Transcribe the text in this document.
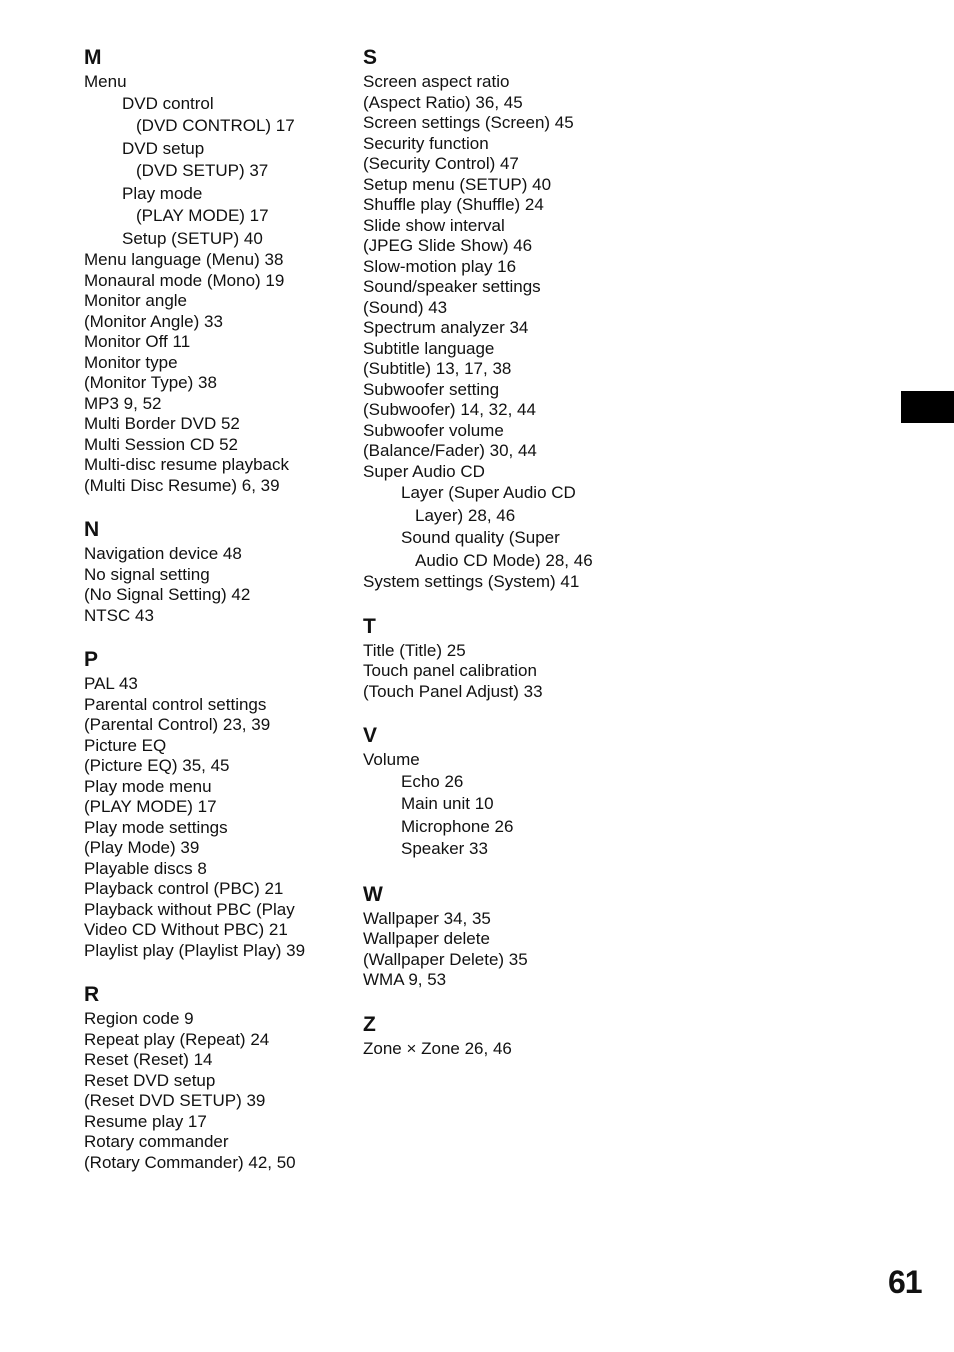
M
Menu
DVD control
(DVD CONTROL) 17
DVD setup
(DVD SETUP) 37
Play mode
(PLAY MODE) 17
Setup (SETUP) 40
Menu language (Menu) 38
Monaural mode (Mono) 19
Monitor angle
(Monitor Angle) 33
Monitor Off 11
Monitor type
(Monitor Type) 38
MP3 9, 52
Multi Border DVD 52
Multi Session CD 52
Multi-disc resume playback
(Multi Disc Resume) 6, 39
N
Navigation device 48
No signal setting
(No Signal Setting) 42
NTSC 43
P
PAL 43
Parental control settings
(Parental Control) 23, 39
Picture EQ
(Picture EQ) 35, 45
Play mode menu
(PLAY MODE) 17
Play mode settings
(Play Mode) 39
Playable discs 8
Playback control (PBC) 21
Playback without PBC (Play
Video CD Without PBC) 21
Playlist play (Playlist Play) 39
R
Region code 9
Repeat play (Repeat) 24
Reset (Reset) 14
Reset DVD setup
(Reset DVD SETUP) 39
Resume play 17
Rotary commander
(Rotary Commander) 42, 50
S
Screen aspect ratio
(Aspect Ratio) 36, 45
Screen settings (Screen) 45
Security function
(Security Control) 47
Setup menu (SETUP) 40
Shuffle play (Shuffle) 24
Slide show interval
(JPEG Slide Show) 46
Slow-motion play 16
Sound/speaker settings
(Sound) 43
Spectrum analyzer 34
Subtitle language
(Subtitle) 13, 17, 38
Subwoofer setting
(Subwoofer) 14, 32, 44
Subwoofer volume
(Balance/Fader) 30, 44
Super Audio CD
Layer (Super Audio CD
Layer) 28, 46
Sound quality (Super
Audio CD Mode) 28, 46
System settings (System) 41
T
Title (Title) 25
Touch panel calibration
(Touch Panel Adjust) 33
V
Volume
Echo 26
Main unit 10
Microphone 26
Speaker 33
W
Wallpaper 34, 35
Wallpaper delete
(Wallpaper Delete) 35
WMA 9, 53
Z
Zone × Zone 26, 46
61
